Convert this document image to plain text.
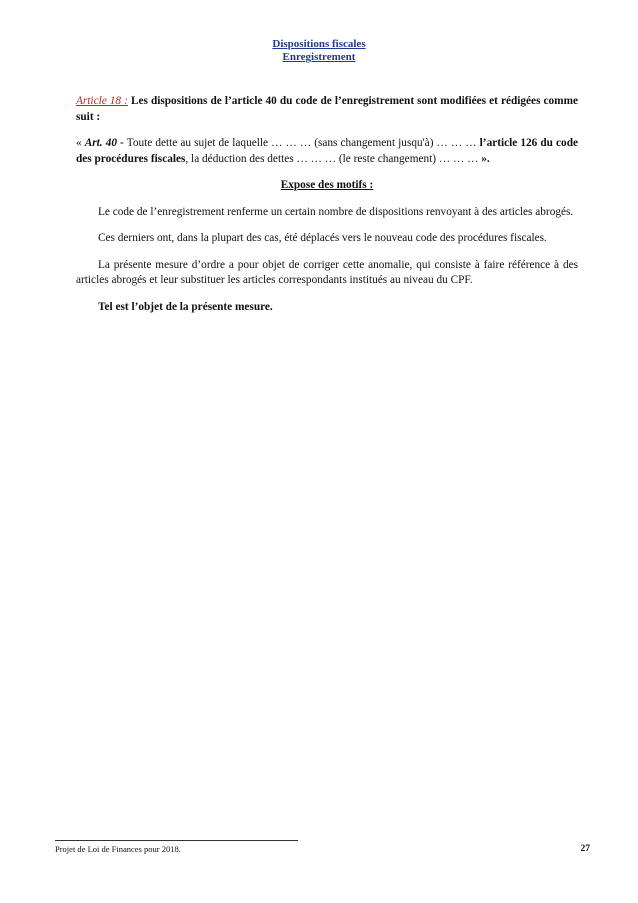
Dispositions fiscales
Enregistrement

Article 18 : Les dispositions de l’article 40 du code de l’enregistrement sont modifiées et rédigées comme suit :

« Art. 40 - Toute dette au sujet de laquelle … … … (sans changement jusqu'à) … … … l’article 126 du code des procédures fiscales, la déduction des dettes … … … (le reste changement) … … … ».

Expose des motifs :

Le code de l’enregistrement renferme un certain nombre de dispositions renvoyant à des articles abrogés.

Ces derniers ont, dans la plupart des cas, été déplacés vers le nouveau code des procédures fiscales.

La présente mesure d’ordre a pour objet de corriger cette anomalie, qui consiste à faire référence à des articles abrogés et leur substituer les articles correspondants institués au niveau du CPF.

Tel est l’objet de la présente mesure.

Projet de Loi de Finances pour 2018.	27
